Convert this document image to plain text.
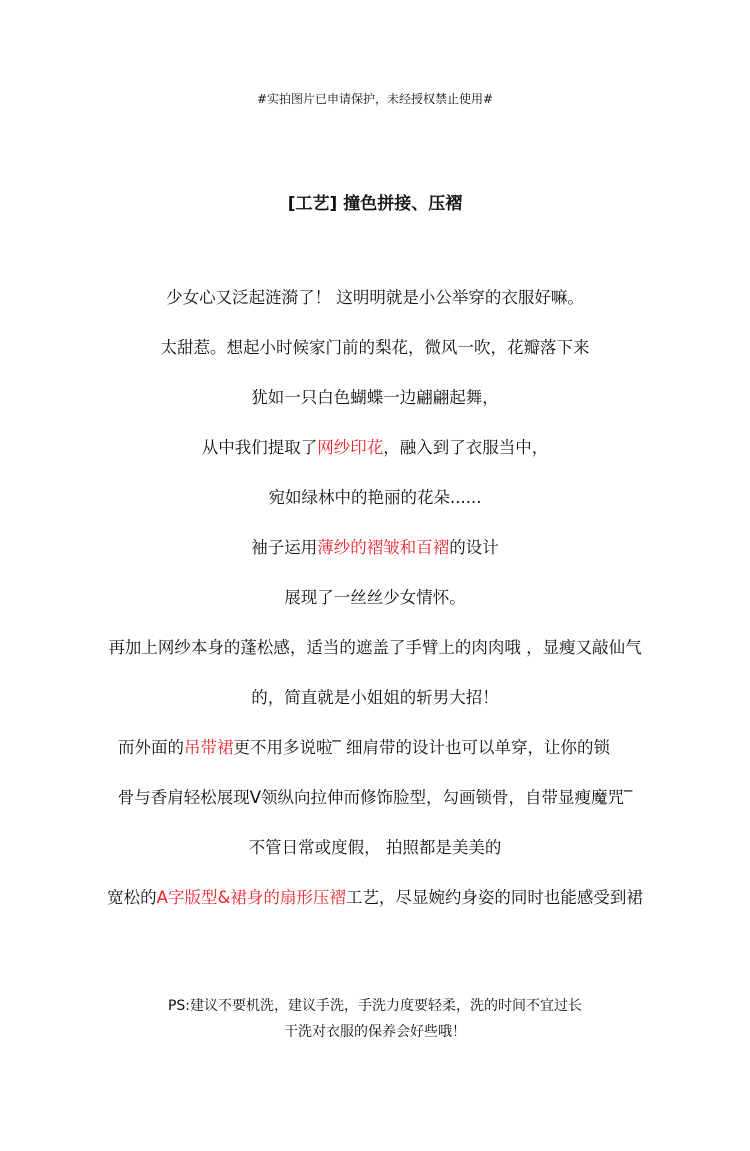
#实拍图片已申请保护，未经授权禁止使用#
[工艺] 撞色拼接、压褶
少女心又泛起涟漪了！ 这明明就是小公举穿的衣服好嘛。
太甜惹。想起小时候家门前的梨花，微风一吹，花瓣落下来
犹如一只白色蝴蝶一边翩翩起舞，
从中我们提取了网纱印花，融入到了衣服当中，
宛如绿林中的艳丽的花朵......
袖子运用薄纱的褶皱和百褶的设计
展现了一丝丝少女情怀。
再加上网纱本身的蓬松感，适当的遮盖了手臂上的肉肉哦 ，显瘦又敲仙气
的，简直就是小姐姐的斩男大招！
而外面的吊带裙更不用多说啦‾ 细肩带的设计也可以单穿，让你的锁
骨与香肩轻松展现V领纵向拉伸而修饰脸型，勾画锁骨，自带显瘦魔咒‾
不管日常或度假， 拍照都是美美的
宽松的A字版型&裙身的扇形压褶工艺，尽显婉约身姿的同时也能感受到裙
PS:建议不要机洗，建议手洗，手洗力度要轻柔，洗的时间不宜过长
干洗对衣服的保养会好些哦！
